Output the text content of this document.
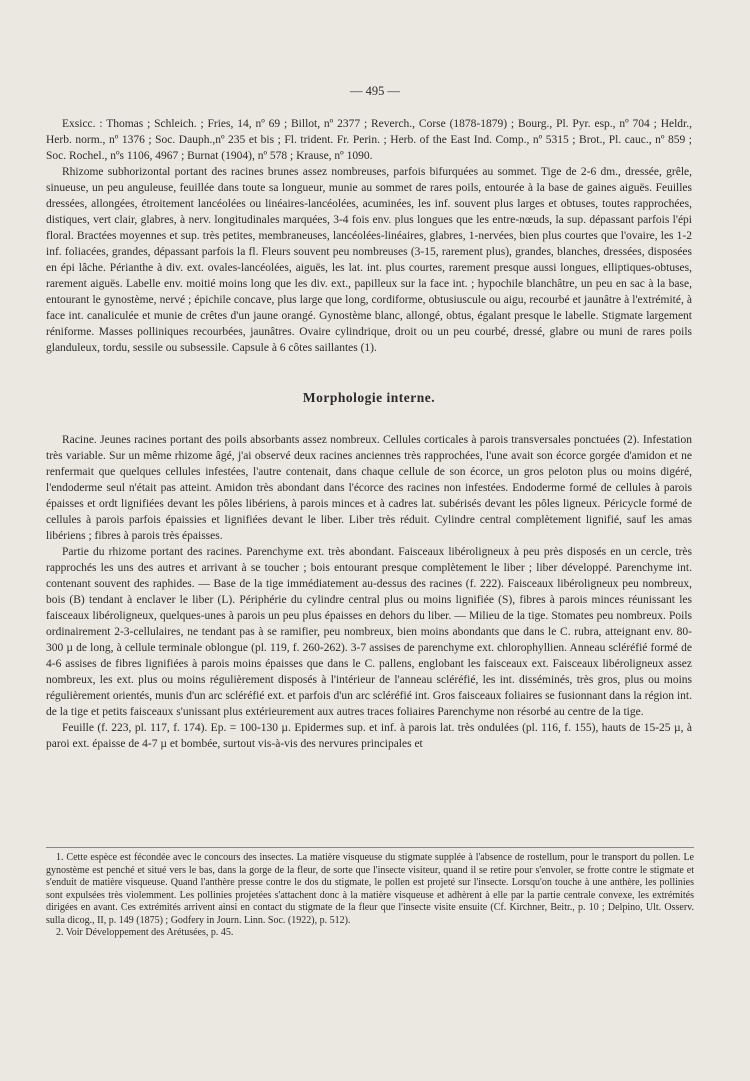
— 495 —

Exsicc. : Thomas ; Schleich. ; Fries, 14, nº 69 ; Billot, nº 2377 ; Reverch., Corse (1878-1879) ; Bourg., Pl. Pyr. esp., nº 704 ; Heldr., Herb. norm., nº 1376 ; Soc. Dauph.,nº 235 et bis ; Fl. trident. Fr. Perin. ; Herb. of the East Ind. Comp., nº 5315 ; Brot., Pl. cauc., nº 859 ; Soc. Rochel., nºs 1106, 4967 ; Burnat (1904), nº 578 ; Krause, nº 1090.

Rhizome subhorizontal portant des racines brunes assez nombreuses, parfois bifurquées au sommet. Tige de 2-6 dm., dressée, grêle, sinueuse, un peu anguleuse, feuillée dans toute sa longueur, munie au sommet de rares poils, entourée à la base de gaines aiguës. Feuilles dressées, allongées, étroitement lancéolées ou linéaires-lancéolées, acuminées, les inf. souvent plus larges et obtuses, toutes rapprochées, distiques, vert clair, glabres, à nerv. longitudinales marquées, 3-4 fois env. plus longues que les entre-nœuds, la sup. dépassant parfois l'épi floral. Bractées moyennes et sup. très petites, membraneuses, lancéolées-linéaires, glabres, 1-nervées, bien plus courtes que l'ovaire, les 1-2 inf. foliacées, grandes, dépassant parfois la fl. Fleurs souvent peu nombreuses (3-15, rarement plus), grandes, blanches, dressées, disposées en épi lâche. Périanthe à div. ext. ovales-lancéolées, aiguës, les lat. int. plus courtes, rarement presque aussi longues, elliptiques-obtuses, rarement aiguës. Labelle env. moitié moins long que les div. ext., papilleux sur la face int. ; hypochile blanchâtre, un peu en sac à la base, entourant le gynostème, nervé ; épichile concave, plus large que long, cordiforme, obtusiuscule ou aigu, recourbé et jaunâtre à l'extrémité, à face int. canaliculée et munie de crêtes d'un jaune orangé. Gynostème blanc, allongé, obtus, égalant presque le labelle. Stigmate largement réniforme. Masses polliniques recourbées, jaunâtres. Ovaire cylindrique, droit ou un peu courbé, dressé, glabre ou muni de rares poils glanduleux, tordu, sessile ou subsessile. Capsule à 6 côtes saillantes (1).

Morphologie interne.

Racine. Jeunes racines portant des poils absorbants assez nombreux. Cellules corticales à parois transversales ponctuées (2). Infestation très variable. Sur un même rhizome âgé, j'ai observé deux racines anciennes très rapprochées, l'une avait son écorce gorgée d'amidon et ne renfermait que quelques cellules infestées, l'autre contenait, dans chaque cellule de son écorce, un gros peloton plus ou moins digéré, l'endoderme seul n'était pas atteint. Amidon très abondant dans l'écorce des racines non infestées. Endoderme formé de cellules à parois épaisses et ordt lignifiées devant les pôles libériens, à parois minces et à cadres lat. subérisés devant les pôles ligneux. Péricycle formé de cellules à parois parfois épaissies et lignifiées devant le liber. Liber très réduit. Cylindre central complètement lignifié, sauf les amas libériens ; fibres à parois très épaisses.

Partie du rhizome portant des racines. Parenchyme ext. très abondant. Faisceaux libéroligneux à peu près disposés en un cercle, très rapprochés les uns des autres et arrivant à se toucher ; bois entourant presque complètement le liber ; liber développé. Parenchyme int. contenant souvent des raphides. — Base de la tige immédiatement au-dessus des racines (f. 222). Faisceaux libéroligneux peu nombreux, bois (B) tendant à enclaver le liber (L). Périphérie du cylindre central plus ou moins lignifiée (S), fibres à parois minces réunissant les faisceaux libéroligneux, quelques-unes à parois un peu plus épaisses en dehors du liber. — Milieu de la tige. Stomates peu nombreux. Poils ordinairement 2-3-cellulaires, ne tendant pas à se ramifier, peu nombreux, bien moins abondants que dans le C. rubra, atteignant env. 80-300 µ de long, à cellule terminale oblongue (pl. 119, f. 260-262). 3-7 assises de parenchyme ext. chlorophyllien. Anneau scléréfié formé de 4-6 assises de fibres lignifiées à parois moins épaisses que dans le C. pallens, englobant les faisceaux ext. Faisceaux libéroligneux assez nombreux, les ext. plus ou moins régulièrement disposés à l'intérieur de l'anneau scléréfié, les int. disséminés, très gros, plus ou moins régulièrement orientés, munis d'un arc scléréfié ext. et parfois d'un arc scléréfié int. Gros faisceaux foliaires se fusionnant dans la région int. de la tige et petits faisceaux s'unissant plus extérieurement aux autres traces foliaires Parenchyme non résorbé au centre de la tige.

Feuille (f. 223, pl. 117, f. 174). Ep. = 100-130 µ. Epidermes sup. et inf. à parois lat. très ondulées (pl. 116, f. 155), hauts de 15-25 µ, à paroi ext. épaisse de 4-7 µ et bombée, surtout vis-à-vis des nervures principales et

1. Cette espèce est fécondée avec le concours des insectes. La matière visqueuse du stigmate supplée à l'absence de rostellum, pour le transport du pollen. Le gynostème est penché et situé vers le bas, dans la gorge de la fleur, de sorte que l'insecte visiteur, quand il se retire pour s'envoler, se frotte contre le stigmate et s'enduit de matière visqueuse. Quand l'anthère presse contre le dos du stigmate, le pollen est projeté sur l'insecte. Lorsqu'on touche à une anthère, les pollinies sont expulsées très violemment. Les pollinies projetées s'attachent donc à la matière visqueuse et adhèrent à elle par la partie centrale convexe, les extrémités dirigées en avant. Ces extrémités arrivent ainsi en contact du stigmate de la fleur que l'insecte visite ensuite (Cf. Kirchner, Beitr., p. 10 ; Delpino, Ult. Osserv. sulla dicog., II, p. 149 (1875) ; Godfery in Journ. Linn. Soc. (1922), p. 512).

2. Voir Développement des Arétusées, p. 45.
